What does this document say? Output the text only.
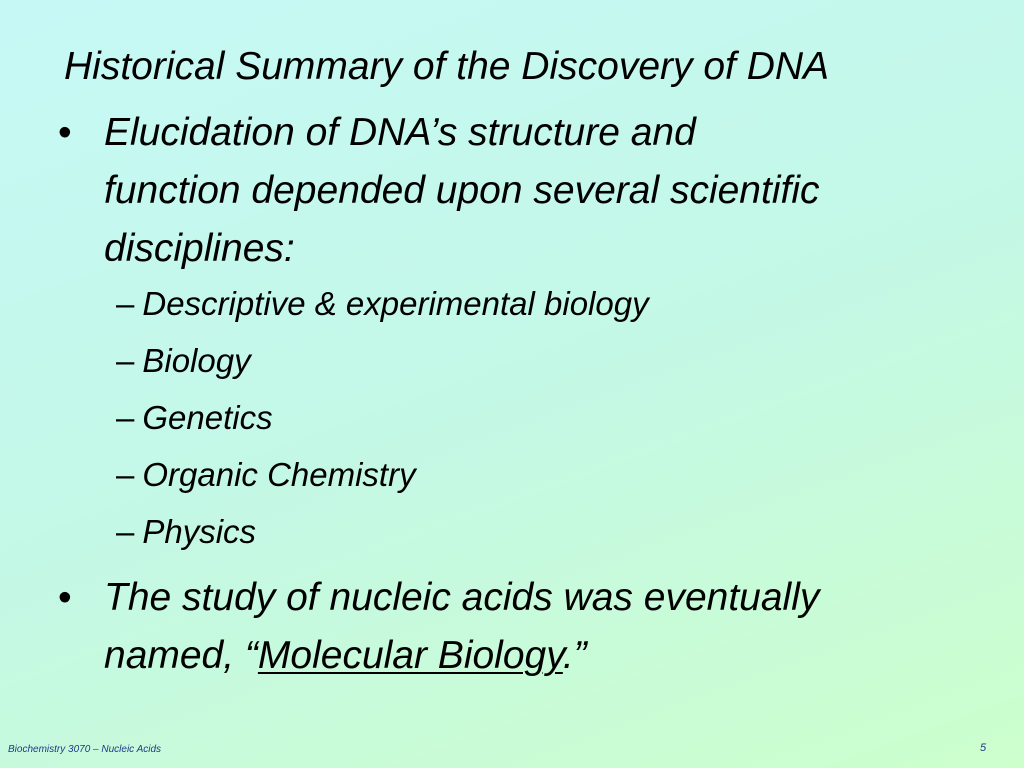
Historical Summary of the Discovery of DNA
• Elucidation of DNA’s structure and
function depended upon several scientific
disciplines:
– Descriptive & experimental biology
– Biology
– Genetics
– Organic Chemistry
– Physics
• The study of nucleic acids was eventually
named, “Molecular Biology.”
Biochemistry 3070 – Nucleic Acids	5
